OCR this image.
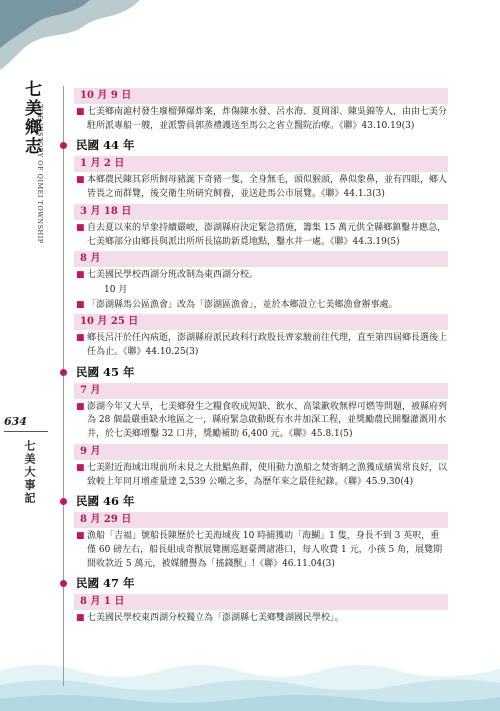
七美鄉志
THE HISTORY OF QIMEI TOWNSHIP
634
七美大事記
10 月 9 日
■ 七美鄉南滬村發生廢榴彈爆炸案，炸傷陳水發、呂水海、夏岡卻、陳吳錦等人，由由七美分駐所派專船一艘，並派警員郭蒸禮護送至馬公之省立醫院治療。《聯》43.10.19(3)
民國 44 年
1 月 2 日
■ 本鄉農民陳其彩所飼母豬誕下奇豬一隻，全身無毛，頭似猴頭，鼻似象鼻，並有四眼，鄉人皆畏之而群覽，後交衛生所研究飼養，並送赴馬公市展覽。《聯》44.1.3(3)
3 月 18 日
■ 自去夏以來的旱象持續嚴峻，澎湖縣府決定緊急措施，籌集 15 萬元供全縣鄉鎮鑿井應急，七美鄉部分由鄉長與派出所所長協助新覓地點，鑿水井一處。《聯》44.3.19(5)
8 月
■ 七美國民學校西湖分班改制為東西湖分校。
10 月
■ 「澎湖縣馬公區漁會」改為「澎湖區漁會」，並於本鄉設立七美鄉漁會辦事處。
10 月 25 日
■ 鄉長呂汗於任內病逝，澎湖縣府派民政科行政股長齊家駿前往代理，直至第四屆鄉長選後上任為止。《聯》44.10.25(3)
民國 45 年
7 月
■ 澎湖今年又大旱，七美鄉發生之糧食收成短缺、飲水、高粱歉收無桿可燃等問題，被縣府列為 28 個最嚴重缺水地區之一，縣府緊急啟動既有水井加深工程，並獎勵農民開鑿灌溉用水井，於七美鄉增鑿 32 口井，獎勵補助 6,400 元。《聯》45.8.1(5)
9 月
■ 七美附近海域出現前所未見之大批鯧魚群，使用動力漁船之焚寄網之漁獲成績異常良好，以致較上年同月增產量達 2,539 公噸之多，為歷年來之最佳紀錄。《聯》45.9.30(4)
民國 46 年
8 月 29 日
■ 漁船「吉福」號船長陳歷於七美海域夜 10 時捕獲叻「海鰗」1 隻，身長不到 3 英呎，重僅 60 磅左右，船長組成奇獸展覽團巡迴臺灣諸港口，每人收費 1 元，小孩 5 角，展覽期間收款近 5 萬元，被媒體譽為「搖錢獸」!《聯》46.11.04(3)
民國 47 年
8 月 1 日
■ 七美國民學校東西湖分校獨立為「澎湖縣七美鄉雙湖國民學校」。
